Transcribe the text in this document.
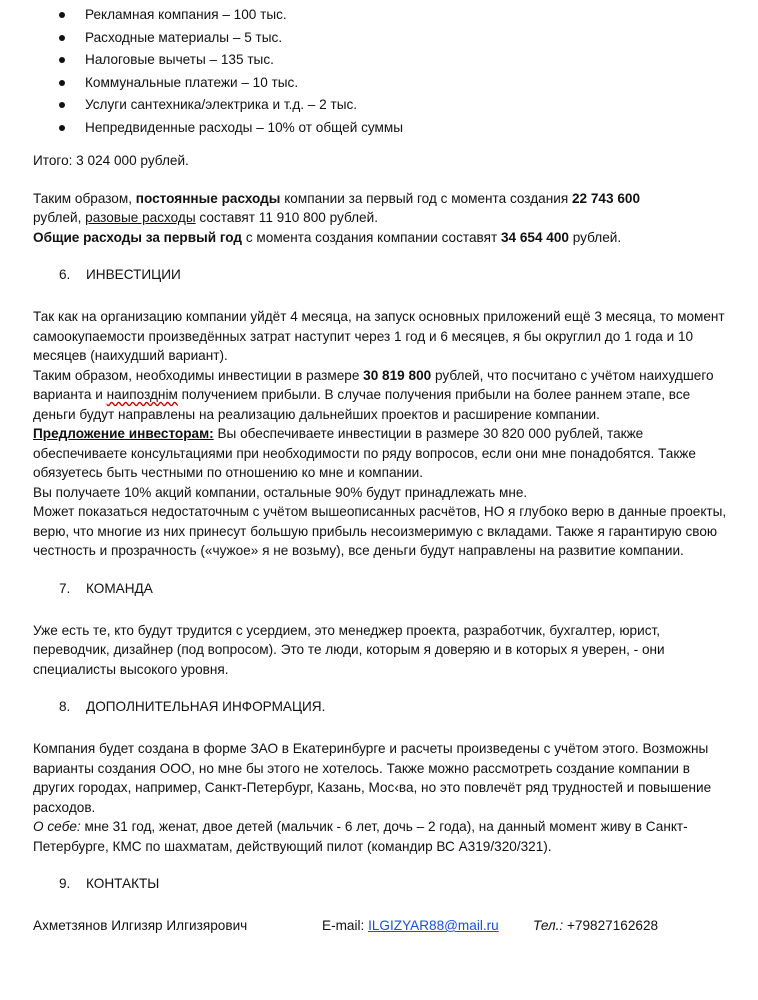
Рекламная компания – 100 тыс.
Расходные материалы – 5 тыс.
Налоговые вычеты – 135 тыс.
Коммунальные платежи – 10 тыс.
Услуги сантехника/электрика и т.д. – 2 тыс.
Непредвиденные расходы – 10% от общей суммы

Итого: 3 024 000 рублей.

Таким образом, постоянные расходы компании за первый год с момента создания 22 743 600
рублей, разовые расходы составят 11 910 800 рублей.
Общие расходы за первый год с момента создания компании составят 34 654 400 рублей.

6. ИНВЕСТИЦИИ

Так как на организацию компании уйдёт 4 месяца, на запуск основных приложений ещё 3 месяца, то момент самоокупаемости произведённых затрат наступит через 1 год и 6 месяцев, я бы округлил до 1 года и 10 месяцев (наихудший вариант).

Таким образом, необходимы инвестиции в размере 30 819 800 рублей, что посчитано с учётом наихудшего варианта и наипозднім получением прибыли. В случае получения прибыли на более раннем этапе, все деньги будут направлены на реализацию дальнейших проектов и расширение компании.

Предложение инвесторам: Вы обеспечиваете инвестиции в размере 30 820 000 рублей, также обеспечиваете консультациями при необходимости по ряду вопросов, если они мне понадобятся. Также обязуетесь быть честными по отношению ко мне и компании.

Вы получаете 10% акций компании, остальные 90% будут принадлежать мне.

Может показаться недостаточным с учётом вышеописанных расчётов, НО я глубоко верю в данные проекты, верю, что многие из них принесут большую прибыль несоизмеримую с вкладами. Также я гарантирую свою честность и прозрачность («чужое» я не возьму), все деньги будут направлены на развитие компании.

7. КОМАНДА

Уже есть те, кто будут трудится с усердием, это менеджер проекта, разработчик, бухгалтер, юрист, переводчик, дизайнер (под вопросом). Это те люди, которым я доверяю и в которых я уверен, - они специалисты высокого уровня.

8. ДОПОЛНИТЕЛЬНАЯ ИНФОРМАЦИЯ.

Компания будет создана в форме ЗАО в Екатеринбурге и расчеты произведены с учётом этого. Возможны варианты создания ООО, но мне бы этого не хотелось. Также можно рассмотреть создание компании в других городах, например, Санкт-Петербург, Казань, Мос‹ва, но это повлечёт ряд трудностей и повышение расходов.

О себе: мне 31 год, женат, двое детей (мальчик - 6 лет, дочь – 2 года), на данный момент живу в Санкт-Петербурге, КМС по шахматам, действующий пилот (командир ВС А319/320/321).

9. КОНТАКТЫ
Ахметзянов Илгизяр Илгизярович	E-mail: ILGIZYAR88@mail.ru	Тел.: +79827162628
